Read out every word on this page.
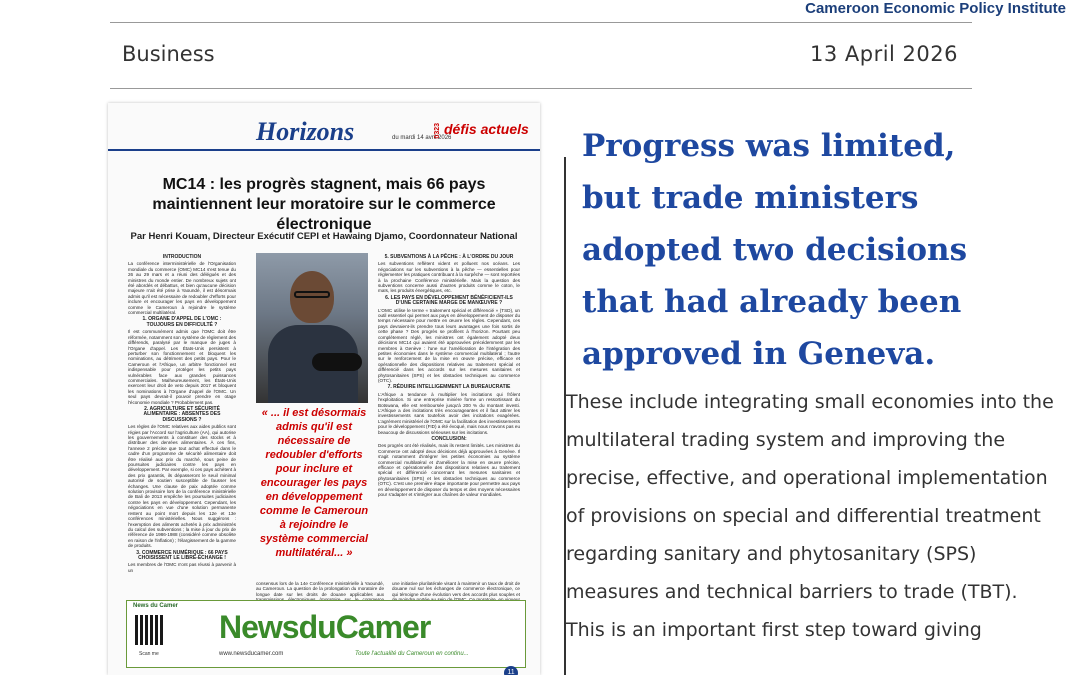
Cameroon Economic Policy Institute
Business	13 April 2026
Horizons	du mardi 14 avril 2026
0323 défis actuels
MC14 : les progrès stagnent, mais 66 pays maintiennent leur moratoire sur le commerce électronique
Par Henri Kouam, Directeur Exécutif CEPI et Hawaing Djamo, Coordonnateur National
INTRODUCTION

La conférence interministérielle de l'Organisation mondiale du commerce (OMC) MC14 s'est tenue du 26 au 29 mars et a réuni des délégués et des ministres du monde entier. De nombreux sujets ont été abordés et débattus, et bien qu'aucune décision majeure n'ait été prise à Yaoundé, il est désormais admis qu'il est nécessaire de redoubler d'efforts pour inclure et encourager les pays en développement comme le Cameroun à rejoindre le système commercial multilatéral.

1. ORGANE D'APPEL DE L'OMC : TOUJOURS EN DIFFICULTÉ ?

Il est communément admis que l'OMC doit être réformée, notamment son système de règlement des différends, paralysé par le manque de juges à l'Organe d'appel. Les États-Unis persistent à perturber son fonctionnement et bloquent les nominations, au détriment des petits pays. Pour le Cameroun et l'Afrique, un arbitre fonctionnel est indispensable pour protéger les petits pays vulnérables face aux grandes puissances commerciales. Malheureusement, les États-Unis exercent leur droit de veto depuis 2017 et bloquent les nominations à l'Organe d'appel de l'OMC. Un seul pays devrait-il pouvoir prendre en otage l'économie mondiale ? Probablement pas.

2. AGRICULTURE ET SÉCURITÉ ALIMENTAIRE : ABSENTES DES DISCUSSIONS ?

Les règles de l'OMC relatives aux aides publics sont régies par l'Accord sur l'agriculture (AA), qui autorise les gouvernements à constituer des stocks et à distribuer des denrées alimentaires. À ces fins, l'annexe 2 précise que tout achat effectué dans le cadre d'un programme de sécurité alimentaire doit être réalisé aux prix du marché, sous peine de poursuites judiciaires contre les pays en développement. Par exemple, si ces pays achètent à des prix garantis, ils dépasseront le seuil minimal autorisé de soutien susceptible de fausser les échanges. Une clause de paix adoptée comme solution provisoire lors de la conférence ministérielle de Bali de 2013 empêche les poursuites judiciaires contre les pays en développement. Cependant, les négociations en vue d'une solution permanente restent au point mort depuis les 12e et 13e conférences ministérielles. Nous suggérons : l'exemption des aliments achetés à prix administrés du calcul des subventions ; la mise à jour du prix de référence de 1986-1988 (considéré comme obsolète en raison de l'inflation) ; l'élargissement de la gamme de produits.

3. COMMERCE NUMÉRIQUE : 66 PAYS CHOISISSENT LE LIBRE-ÉCHANGE !

Les membres de l'OMC n'ont pas réussi à parvenir à un

« ... il est désormais admis qu'il est nécessaire de redoubler d'efforts pour inclure et encourager les pays en développement comme le Cameroun à rejoindre le système commercial multilatéral... »
5. SUBVENTIONS À LA PÊCHE : À L'ORDRE DU JOUR

Les subventions reflètent vident et polluent nos océans. Les négociations sur les subventions à la pêche — essentielles pour réglementer les pratiques contribuant à la surpêche — sont reportées à la prochaine Conférence ministérielle. Mais la question des subventions concerne aussi d'autres produits comme le coton, le maïs, les produits énergétiques, etc.

6. LES PAYS EN DÉVELOPPEMENT BÉNÉFICIENT-ILS D'UNE CERTAINE MARGE DE MANŒUVRE ?

L'OMC utilise le terme « traitement spécial et différencié » (TSD), un outil essentiel qui permet aux pays en développement de disposer du temps nécessaire pour mettre en œuvre les règles. Cependant, ces pays devraient-ils prendre tous leurs avantages une fois sortis de cette phase ? Des progrès se profilent à l'horizon. Pourtant peu complètement réglé, les ministres ont également adopté deux décisions MC14 qui avaient été approuvées précédemment par les membres à Genève : l'une sur l'amélioration de l'intégration des petites économies dans le système commercial multilatéral ; l'autre sur le renforcement de la mise en œuvre précise, efficace et opérationnelle des dispositions relatives au traitement spécial et différencié dans les accords sur les mesures sanitaires et phytosanitaires (SPS) et les obstacles techniques au commerce (OTC).

7. RÉDUIRE INTELLIGEMMENT LA BUREAUCRATIE

L'Afrique a tendance à multiplier les incitations qui frôlent l'exploitation. Si une entreprise minière forme un ressortissant du Botswana, elle est remboursée jusqu'à 200 % du montant investi. L'Afrique a des incitations très encourageantes et il faut attirer les investissements sans toutefois avoir des incitations exagérées. L'agrément ministériel de l'OMC sur la facilitation des investissements pour le développement (FID) a été évoqué, mais nous n'avons pas eu beaucoup de discussions sérieuses sur les incitations.

CONCLUSION:

Des progrès ont été réalisés, mais ils restent limités. Les ministres du Commerce ont adopté deux décisions déjà approuvées à Genève. Il s'agit notamment d'intégrer les petites économies au système commercial multilatéral et d'améliorer la mise en œuvre précise, efficace et opérationnelle des dispositions relatives au traitement spécial et différencié concernant les mesures sanitaires et phytosanitaires (SPS) et les obstacles techniques au commerce (OTC). C'est une première étape importante pour permettre aux pays en développement de disposer du temps et des moyens nécessaires pour s'adapter et s'intégrer aux chaînes de valeur mondiales.

consensus lors de la 14e Conférence ministérielle à Yaoundé, au Cameroun. La question de la prolongation du moratoire de longue date sur les droits de douane applicables aux une initiative plurilatérale visant à maintenir un taux de droit de douane nul sur les échanges de commerce électronique, ce qui témoigne d'une évolution vers des accords plus souples et

News du Camer
Scan me
NewsduCamer
www.newsducamer.com	Toute l'actualité du Cameroun en continu...
11
Progress was limited, but trade ministers adopted two decisions that had already been approved in Geneva.

These include integrating small economies into the multilateral trading system and improving the precise, effective, and operational implementation of provisions on special and differential treatment regarding sanitary and phytosanitary (SPS) measures and technical barriers to trade (TBT). This is an important first step toward giving
